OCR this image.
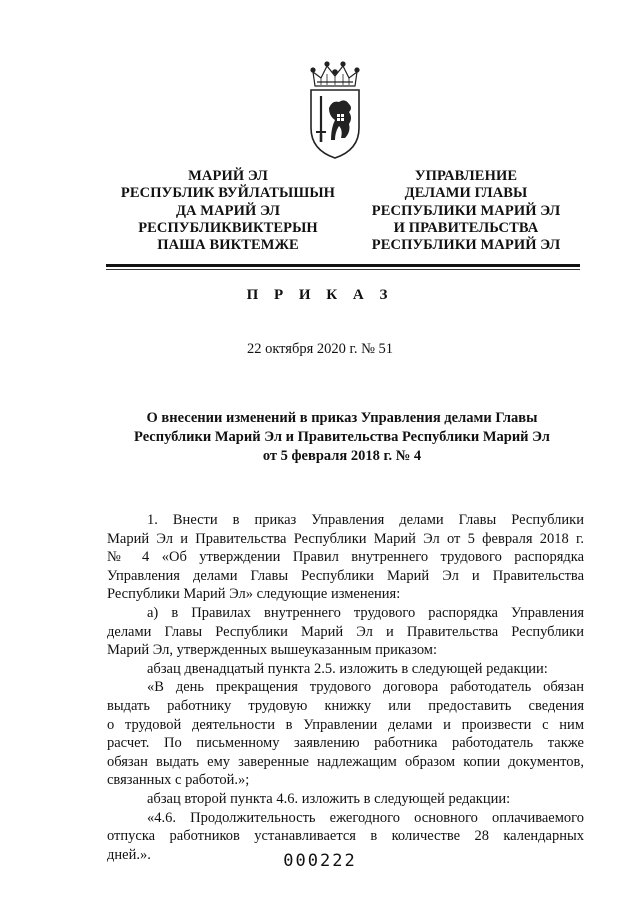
МАРИЙ ЭЛ
РЕСПУБЛИК ВУЙЛАТЫШЫН
ДА МАРИЙ ЭЛ
РЕСПУБЛИКВИКТЕРЫН
ПАША ВИКТЕМЖЕ
УПРАВЛЕНИЕ
ДЕЛАМИ ГЛАВЫ
РЕСПУБЛИКИ МАРИЙ ЭЛ
И ПРАВИТЕЛЬСТВА
РЕСПУБЛИКИ МАРИЙ ЭЛ
П Р И К А З
22 октября 2020 г. № 51
О внесении изменений в приказ Управления делами Главы
Республики Марий Эл и Правительства Республики Марий Эл
от 5 февраля 2018 г. № 4
1. Внести в приказ Управления делами Главы Республики
Марий Эл и Правительства Республики Марий Эл от 5 февраля 2018 г.
№ 4 «Об утверждении Правил внутреннего трудового распорядка
Управления делами Главы Республики Марий Эл и Правительства
Республики Марий Эл» следующие изменения:
а) в Правилах внутреннего трудового распорядка Управления
делами Главы Республики Марий Эл и Правительства Республики
Марий Эл, утвержденных вышеуказанным приказом:
абзац двенадцатый пункта 2.5. изложить в следующей редакции:
«В день прекращения трудового договора работодатель обязан
выдать работнику трудовую книжку или предоставить сведения
о трудовой деятельности в Управлении делами и произвести с ним
расчет. По письменному заявлению работника работодатель также
обязан выдать ему заверенные надлежащим образом копии документов,
связанных с работой.»;
абзац второй пункта 4.6. изложить в следующей редакции:
«4.6. Продолжительность ежегодного основного оплачиваемого
отпуска работников устанавливается в количестве 28 календарных
дней.».	000222
